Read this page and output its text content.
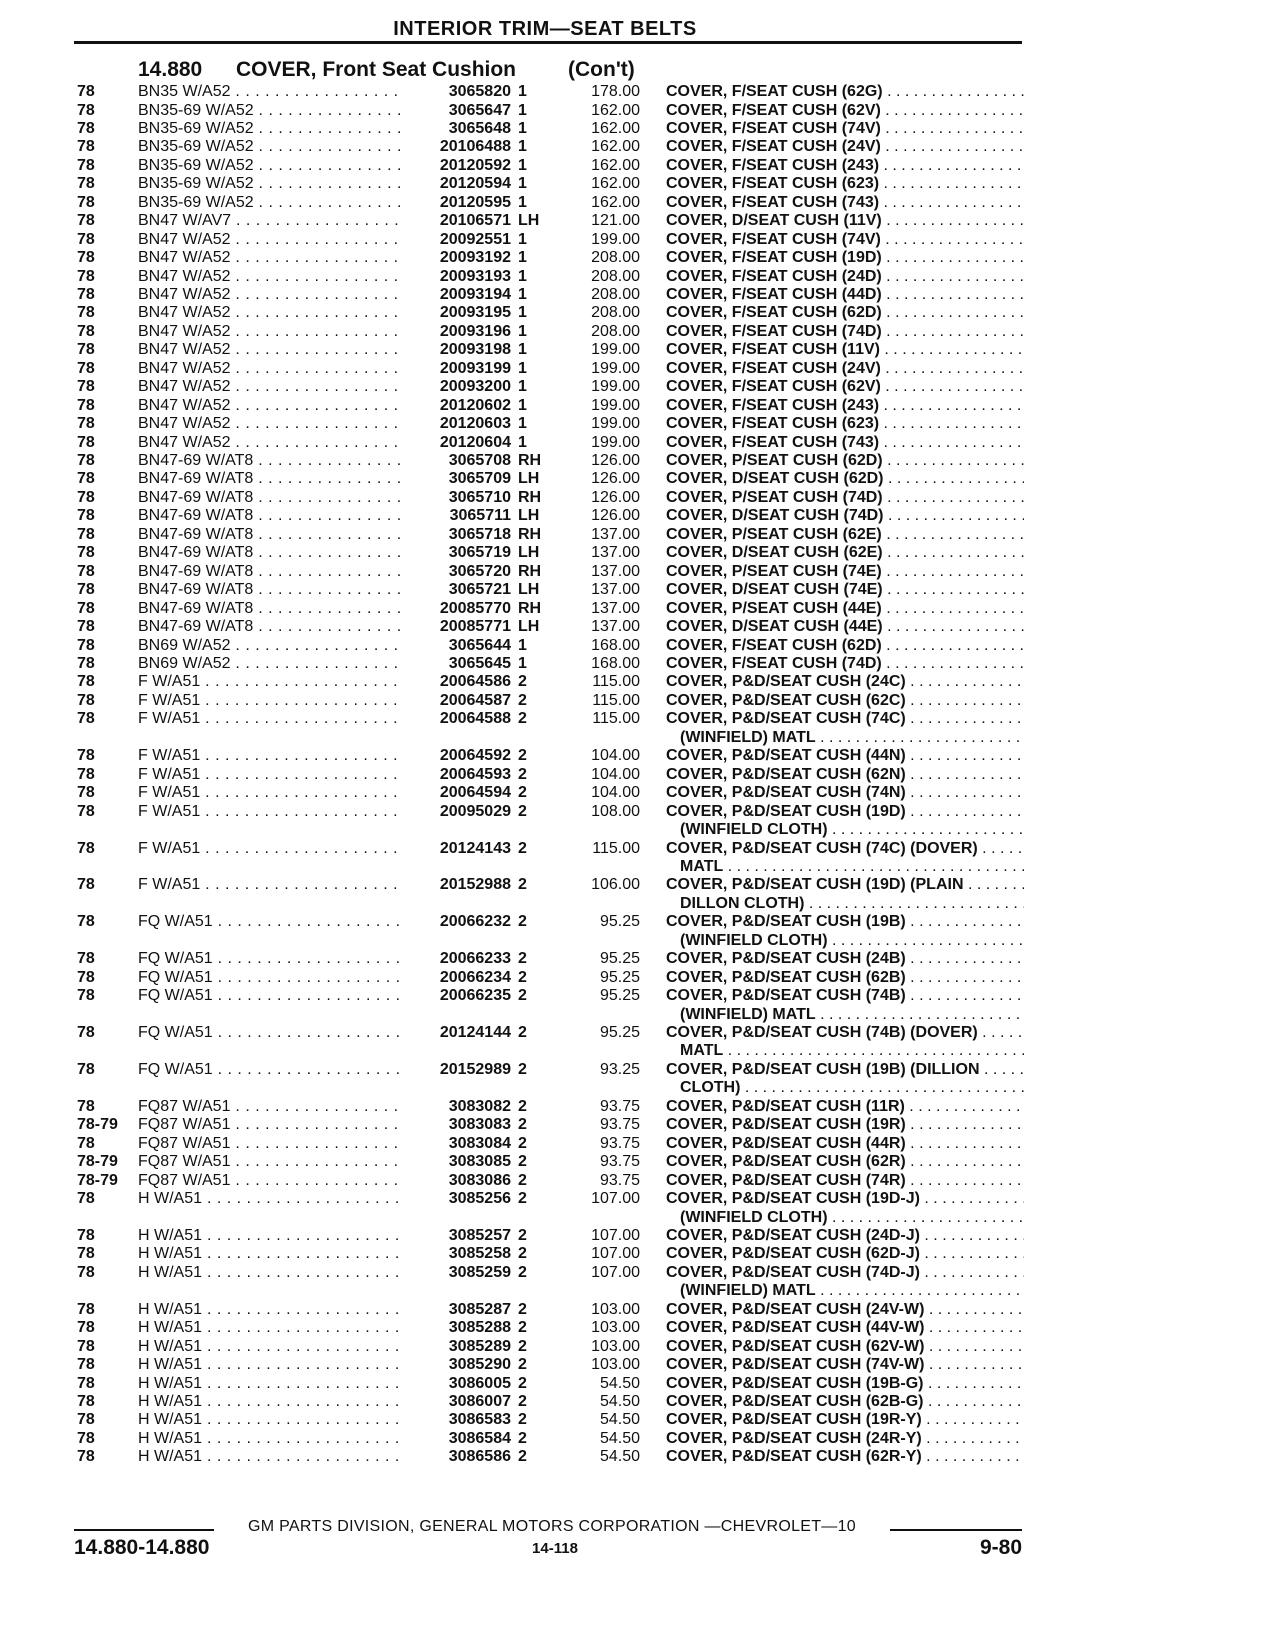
INTERIOR TRIM—SEAT BELTS
14.880 COVER, Front Seat Cushion (Con't)
78	BN35 W/A52 . . .	3065820 1	178.00 COVER, F/SEAT CUSH (62G) . . .
78	BN35-69 W/A52 . . .	3065647 1	162.00 COVER, F/SEAT CUSH (62V) . . .
78	BN35-69 W/A52 . . .	3065648 1	162.00 COVER, F/SEAT CUSH (74V) . . .
78	BN35-69 W/A52 . . .	20106488 1	162.00 COVER, F/SEAT CUSH (24V) . . .
78	BN35-69 W/A52 . . .	20120592 1	162.00 COVER, F/SEAT CUSH (243) . . .
78	BN35-69 W/A52 . . .	20120594 1	162.00 COVER, F/SEAT CUSH (623) . . .
78	BN35-69 W/A52 . . .	20120595 1	162.00 COVER, F/SEAT CUSH (743) . . .
78	BN47 W/AV7 . . .	20106571 LH	121.00 COVER, D/SEAT CUSH (11V) . . .
78	BN47 W/A52 . . .	20092551 1	199.00 COVER, F/SEAT CUSH (74V) . . .
78	BN47 W/A52 . . .	20093192 1	208.00 COVER, F/SEAT CUSH (19D) . . .
78	BN47 W/A52 . . .	20093193 1	208.00 COVER, F/SEAT CUSH (24D) . . .
78	BN47 W/A52 . . .	20093194 1	208.00 COVER, F/SEAT CUSH (44D) . . .
78	BN47 W/A52 . . .	20093195 1	208.00 COVER, F/SEAT CUSH (62D) . . .
78	BN47 W/A52 . . .	20093196 1	208.00 COVER, F/SEAT CUSH (74D) . . .
78	BN47 W/A52 . . .	20093198 1	199.00 COVER, F/SEAT CUSH (11V) . . .
78	BN47 W/A52 . . .	20093199 1	199.00 COVER, F/SEAT CUSH (24V) . . .
78	BN47 W/A52 . . .	20093200 1	199.00 COVER, F/SEAT CUSH (62V) . . .
78	BN47 W/A52 . . .	20120602 1	199.00 COVER, F/SEAT CUSH (243) . . .
78	BN47 W/A52 . . .	20120603 1	199.00 COVER, F/SEAT CUSH (623) . . .
78	BN47 W/A52 . . .	20120604 1	199.00 COVER, F/SEAT CUSH (743) . . .
78	BN47-69 W/AT8 . . .	3065708 RH	126.00 COVER, P/SEAT CUSH (62D) . . .
78	BN47-69 W/AT8 . . .	3065709 LH	126.00 COVER, D/SEAT CUSH (62D) . . .
78	BN47-69 W/AT8 . . .	3065710 RH	126.00 COVER, P/SEAT CUSH (74D) . . .
78	BN47-69 W/AT8 . . .	3065711 LH	126.00 COVER, D/SEAT CUSH (74D) . . .
78	BN47-69 W/AT8 . . .	3065718 RH	137.00 COVER, P/SEAT CUSH (62E) . . .
78	BN47-69 W/AT8 . . .	3065719 LH	137.00 COVER, D/SEAT CUSH (62E) . . .
78	BN47-69 W/AT8 . . .	3065720 RH	137.00 COVER, P/SEAT CUSH (74E) . . .
78	BN47-69 W/AT8 . . .	3065721 LH	137.00 COVER, D/SEAT CUSH (74E) . . .
78	BN47-69 W/AT8 . . .	20085770 RH	137.00 COVER, P/SEAT CUSH (44E) . . .
78	BN47-69 W/AT8 . . .	20085771 LH	137.00 COVER, D/SEAT CUSH (44E) . . .
78	BN69 W/A52 . . .	3065644 1	168.00 COVER, F/SEAT CUSH (62D) . . .
78	BN69 W/A52 . . .	3065645 1	168.00 COVER, F/SEAT CUSH (74D) . . .
78	F W/A51 . . .	20064586 2	115.00 COVER, P&D/SEAT CUSH (24C) . . .
78	F W/A51 . . .	20064587 2	115.00 COVER, P&D/SEAT CUSH (62C) . . .
78	F W/A51 . . .	20064588 2	115.00 COVER, P&D/SEAT CUSH (74C) . . .
(WINFIELD) MATL . . .
78	F W/A51 . . .	20064592 2	104.00 COVER, P&D/SEAT CUSH (44N) . . .
78	F W/A51 . . .	20064593 2	104.00 COVER, P&D/SEAT CUSH (62N) . . .
78	F W/A51 . . .	20064594 2	104.00 COVER, P&D/SEAT CUSH (74N) . . .
78	F W/A51 . . .	20095029 2	108.00 COVER, P&D/SEAT CUSH (19D) . . .
(WINFIELD CLOTH) . . .
78	F W/A51 . . .	20124143 2	115.00 COVER, P&D/SEAT CUSH (74C) (DOVER) . . .
MATL . . .
78	F W/A51 . . .	20152988 2	106.00 COVER, P&D/SEAT CUSH (19D) (PLAIN . . .
DILLON CLOTH) . . .
78	FQ W/A51 . . .	20066232 2	95.25 COVER, P&D/SEAT CUSH (19B) . . .
(WINFIELD CLOTH) . . .
78	FQ W/A51 . . .	20066233 2	95.25 COVER, P&D/SEAT CUSH (24B) . . .
78	FQ W/A51 . . .	20066234 2	95.25 COVER, P&D/SEAT CUSH (62B) . . .
78	FQ W/A51 . . .	20066235 2	95.25 COVER, P&D/SEAT CUSH (74B) . . .
(WINFIELD) MATL . . .
78	FQ W/A51 . . .	20124144 2	95.25 COVER, P&D/SEAT CUSH (74B) (DOVER) . . .
MATL . . .
78	FQ W/A51 . . .	20152989 2	93.25 COVER, P&D/SEAT CUSH (19B) (DILLION . . .
CLOTH) . . .
78	FQ87 W/A51 . . .	3083082 2	93.75 COVER, P&D/SEAT CUSH (11R) . . .
78-79 FQ87 W/A51 . . .	3083083 2	93.75 COVER, P&D/SEAT CUSH (19R) . . .
78	FQ87 W/A51 . . .	3083084 2	93.75 COVER, P&D/SEAT CUSH (44R) . . .
78-79 FQ87 W/A51 . . .	3083085 2	93.75 COVER, P&D/SEAT CUSH (62R) . . .
78-79 FQ87 W/A51 . . .	3083086 2	93.75 COVER, P&D/SEAT CUSH (74R) . . .
78	H W/A51 . . .	3085256 2	107.00 COVER, P&D/SEAT CUSH (19D-J) . . .
(WINFIELD CLOTH) . . .
78	H W/A51 . . .	3085257 2	107.00 COVER, P&D/SEAT CUSH (24D-J) . . .
78	H W/A51 . . .	3085258 2	107.00 COVER, P&D/SEAT CUSH (62D-J) . . .
78	H W/A51 . . .	3085259 2	107.00 COVER, P&D/SEAT CUSH (74D-J) . . .
(WINFIELD) MATL . . .
78	H W/A51 . . .	3085287 2	103.00 COVER, P&D/SEAT CUSH (24V-W) . . .
78	H W/A51 . . .	3085288 2	103.00 COVER, P&D/SEAT CUSH (44V-W) . . .
78	H W/A51 . . .	3085289 2	103.00 COVER, P&D/SEAT CUSH (62V-W) . . .
78	H W/A51 . . .	3085290 2	103.00 COVER, P&D/SEAT CUSH (74V-W) . . .
78	H W/A51 . . .	3086005 2	54.50 COVER, P&D/SEAT CUSH (19B-G) . . .
78	H W/A51 . . .	3086007 2	54.50 COVER, P&D/SEAT CUSH (62B-G) . . .
78	H W/A51 . . .	3086583 2	54.50 COVER, P&D/SEAT CUSH (19R-Y) . . .
78	H W/A51 . . .	3086584 2	54.50 COVER, P&D/SEAT CUSH (24R-Y) . . .
78	H W/A51 . . .	3086586 2	54.50 COVER, P&D/SEAT CUSH (62R-Y) . . .
GM PARTS DIVISION, GENERAL MOTORS CORPORATION —CHEVROLET—10
14.880-14.880	14-118	9-80
